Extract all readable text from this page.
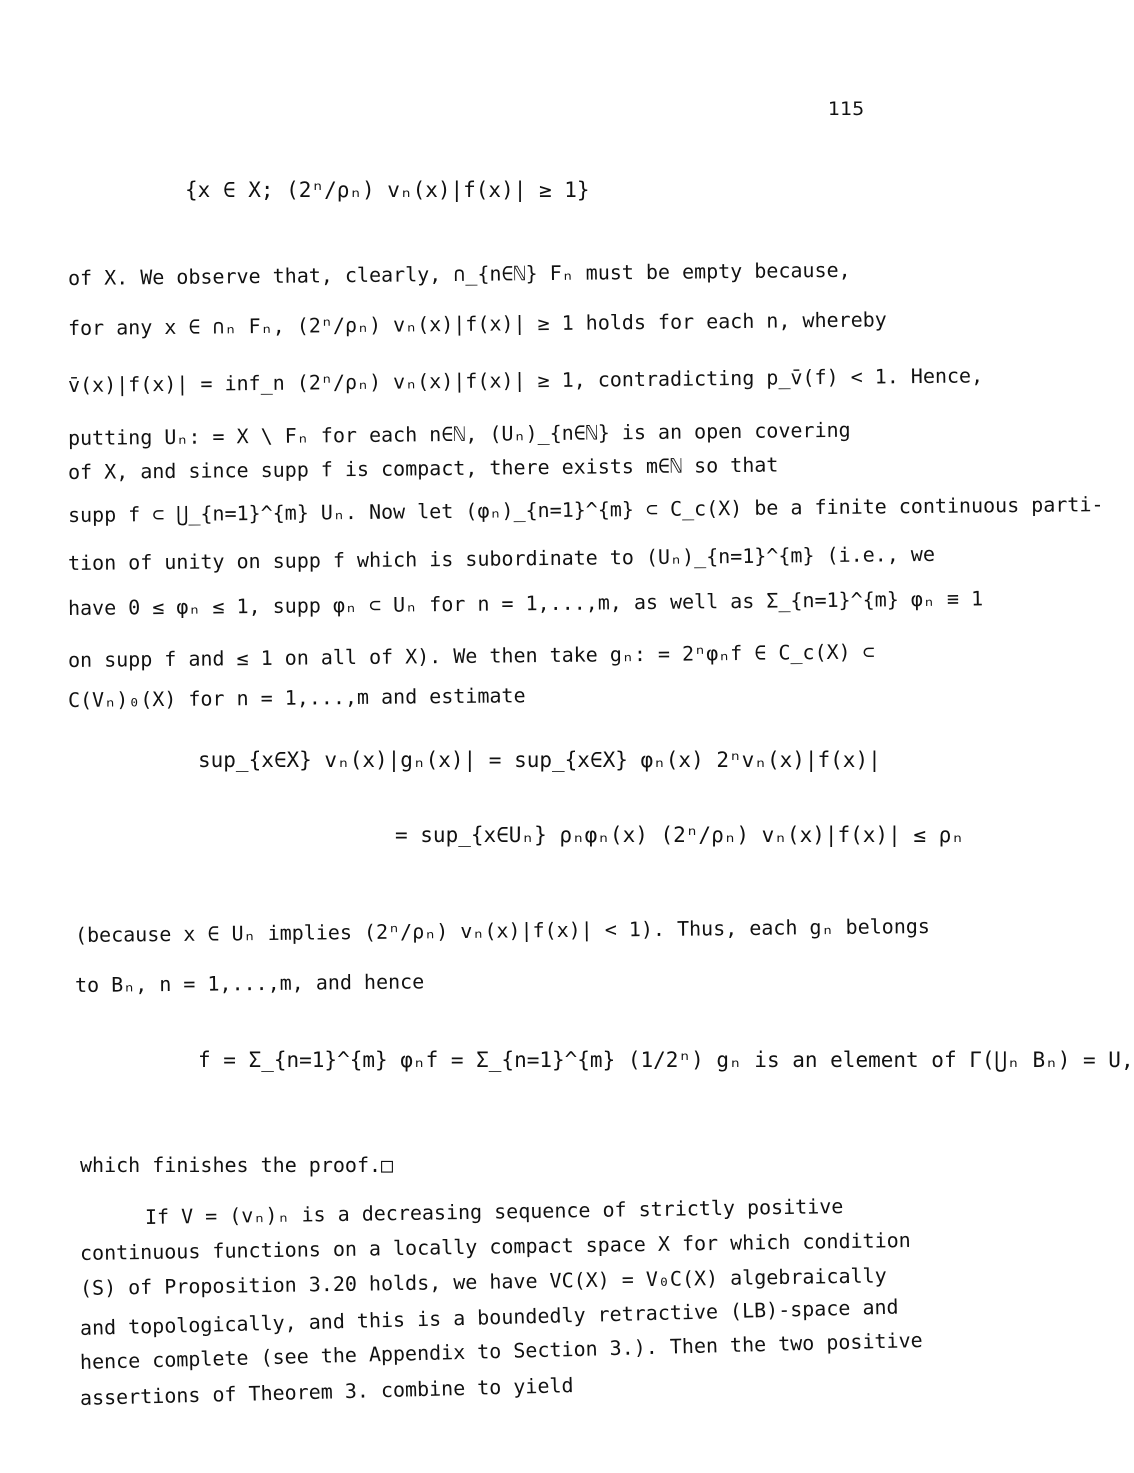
115
{x ∈ X; (2ⁿ/ρₙ) vₙ(x)|f(x)| ≥ 1}
of X. We observe that, clearly, ∩_{n∈ℕ} Fₙ must be empty because,
for any x ∈ ∩ₙ Fₙ, (2ⁿ/ρₙ) vₙ(x)|f(x)| ≥ 1 holds for each n, whereby
v̄(x)|f(x)| = inf_n (2ⁿ/ρₙ) vₙ(x)|f(x)| ≥ 1, contradicting p_v̄(f) < 1. Hence,
putting Uₙ: = X \ Fₙ for each n∈ℕ, (Uₙ)_{n∈ℕ} is an open covering
of X, and since supp f is compact, there exists m∈ℕ so that
supp f ⊂ ⋃_{n=1}^{m} Uₙ. Now let (φₙ)_{n=1}^{m} ⊂ C_c(X) be a finite continuous parti-
tion of unity on supp f which is subordinate to (Uₙ)_{n=1}^{m} (i.e., we
have 0 ≤ φₙ ≤ 1, supp φₙ ⊂ Uₙ for n = 1,...,m, as well as Σ_{n=1}^{m} φₙ ≡ 1
on supp f and ≤ 1 on all of X). We then take gₙ: = 2ⁿφₙf ∈ C_c(X) ⊂
C(Vₙ)₀(X) for n = 1,...,m and estimate
sup_{x∈X} vₙ(x)|gₙ(x)| = sup_{x∈X} φₙ(x) 2ⁿvₙ(x)|f(x)|
= sup_{x∈Uₙ} ρₙφₙ(x) (2ⁿ/ρₙ) vₙ(x)|f(x)| ≤ ρₙ
(because x ∈ Uₙ implies (2ⁿ/ρₙ) vₙ(x)|f(x)| < 1). Thus, each gₙ belongs
to Bₙ, n = 1,...,m, and hence
f = Σ_{n=1}^{m} φₙf = Σ_{n=1}^{m} (1/2ⁿ) gₙ is an element of Γ(⋃ₙ Bₙ) = U,
which finishes the proof.□
If V = (vₙ)ₙ is a decreasing sequence of strictly positive
continuous functions on a locally compact space X for which condition
(S) of Proposition 3.20 holds, we have VC(X) = V₀C(X) algebraically
and topologically, and this is a boundedly retractive (LB)-space and
hence complete (see the Appendix to Section 3.). Then the two positive
assertions of Theorem 3. combine to yield
